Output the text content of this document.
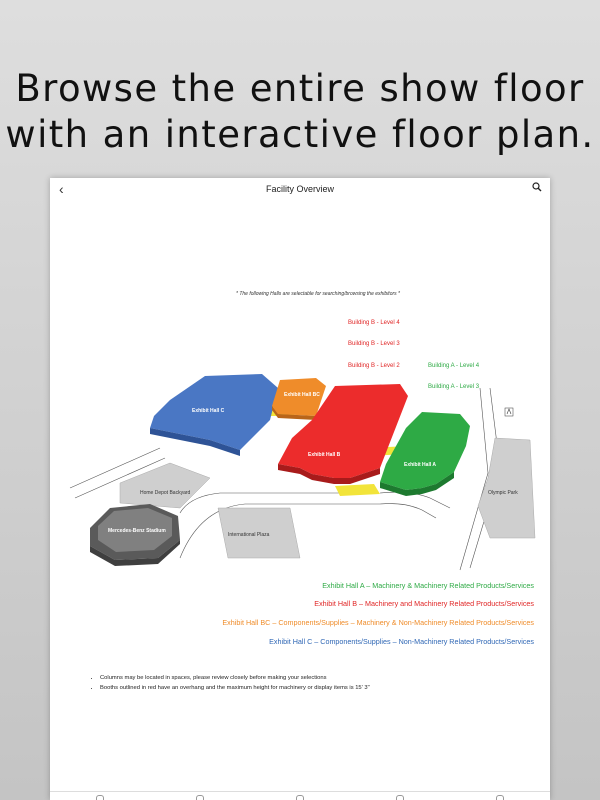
Browse the entire show floor
with an interactive floor plan.
‹	Facility Overview
* The following Halls are selectable for searching/browsing the exhibitors *
Building B - Level 4
Building B - Level 3
Building B - Level 2	Building A - Level 4
Building A - Level 3
Home Depot Backyard
Mercedes-Benz Stadium
International Plaza
Olympic Park
Exhibit Hall C
Exhibit Hall BC
Exhibit Hall B
Exhibit Hall A
Exhibit Hall A – Machinery & Machinery Related Products/Services
Exhibit Hall B – Machinery and Machinery Related Products/Services
Exhibit Hall BC – Components/Supplies – Machinery & Non-Machinery Related Products/Services
Exhibit Hall C – Components/Supplies – Non-Machinery Related Products/Services
• Columns may be located in spaces, please review closely before making your selections
• Booths outlined in red have an overhang and the maximum height for machinery or display items is 15' 3"
